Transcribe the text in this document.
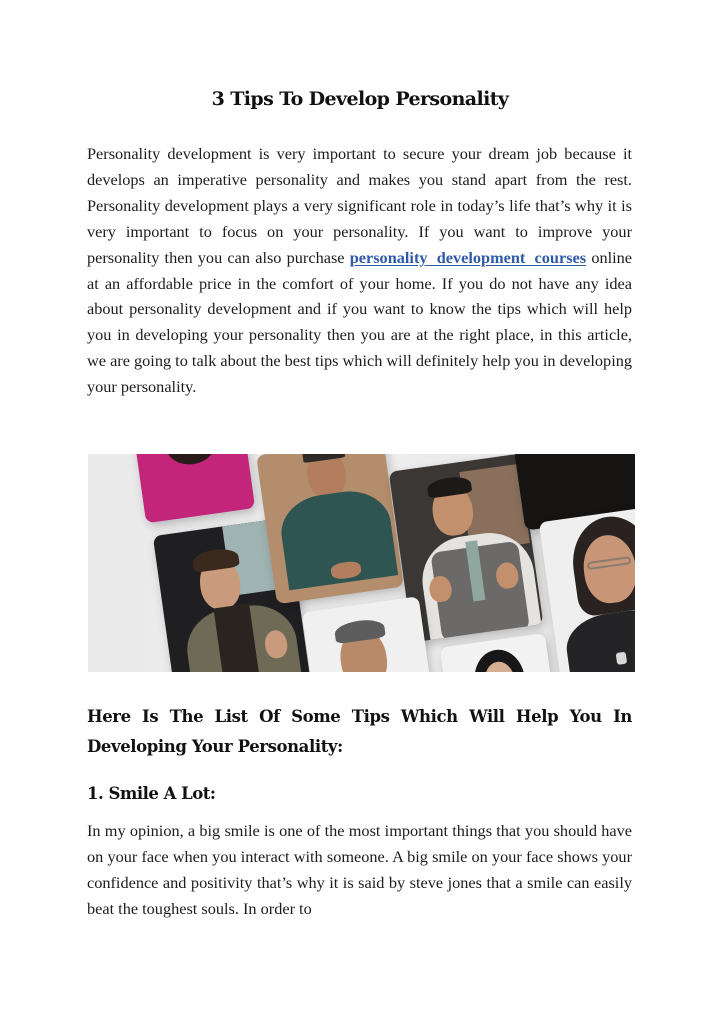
3 Tips To Develop Personality

Personality development is very important to secure your dream job because it develops an imperative personality and makes you stand apart from the rest. Personality development plays a very significant role in today’s life that’s why it is very important to focus on your personality. If you want to improve your personality then you can also purchase personality development courses online at an affordable price in the comfort of your home. If you do not have any idea about personality development and if you want to know the tips which will help you in developing your personality then you are at the right place, in this article, we are going to talk about the best tips which will definitely help you in developing your personality.

Here Is The List Of Some Tips Which Will Help You In Developing Your Personality:
1. Smile A Lot:

In my opinion, a big smile is one of the most important things that you should have on your face when you interact with someone. A big smile on your face shows your confidence and positivity that’s why it is said by steve jones that a smile can easily beat the toughest souls. In order to
